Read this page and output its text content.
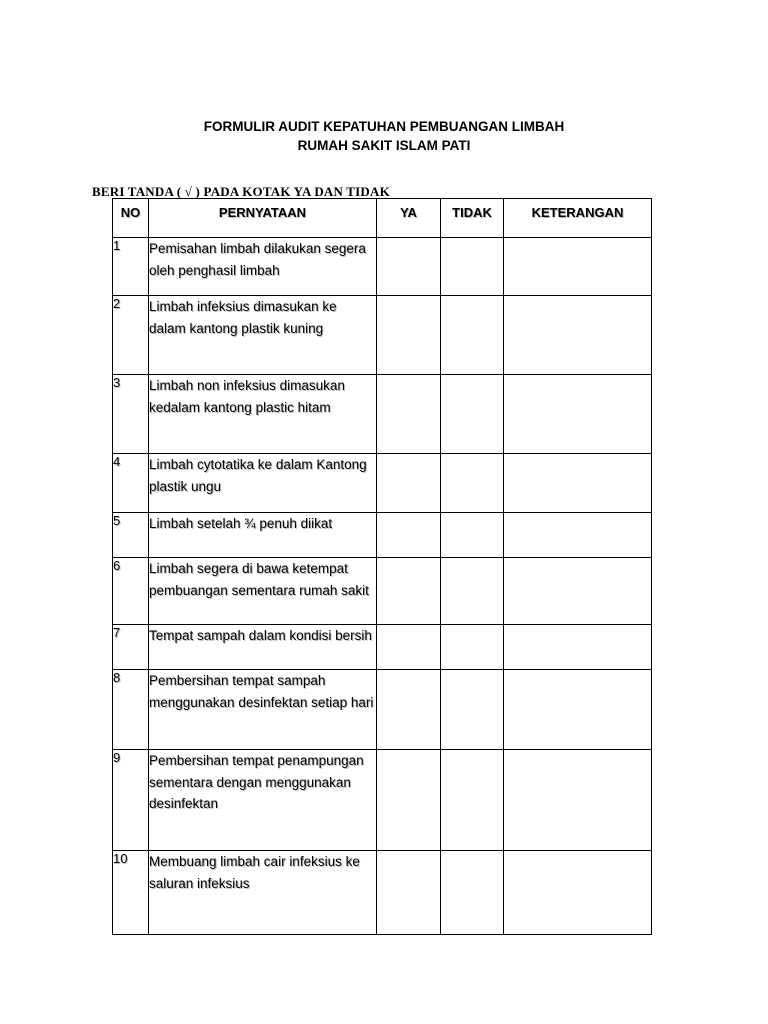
FORMULIR AUDIT KEPATUHAN PEMBUANGAN LIMBAH
RUMAH SAKIT ISLAM PATI
BERI TANDA ( √ ) PADA KOTAK YA DAN TIDAK
NO	PERNYATAAN	YA	TIDAK	KETERANGAN
1	Pemisahan limbah dilakukan segera oleh penghasil limbah			
2	Limbah infeksius dimasukan ke dalam kantong plastik kuning			
3	Limbah non infeksius dimasukan kedalam kantong plastic hitam			
4	Limbah cytotatika ke dalam Kantong plastik ungu			
5	Limbah setelah ¾ penuh diikat			
6	Limbah segera di bawa ketempat pembuangan sementara rumah sakit			
7	Tempat sampah dalam kondisi bersih			
8	Pembersihan tempat sampah menggunakan desinfektan setiap hari			
9	Pembersihan tempat penampungan sementara dengan menggunakan desinfektan			
10	Membuang limbah cair infeksius ke saluran infeksius			
